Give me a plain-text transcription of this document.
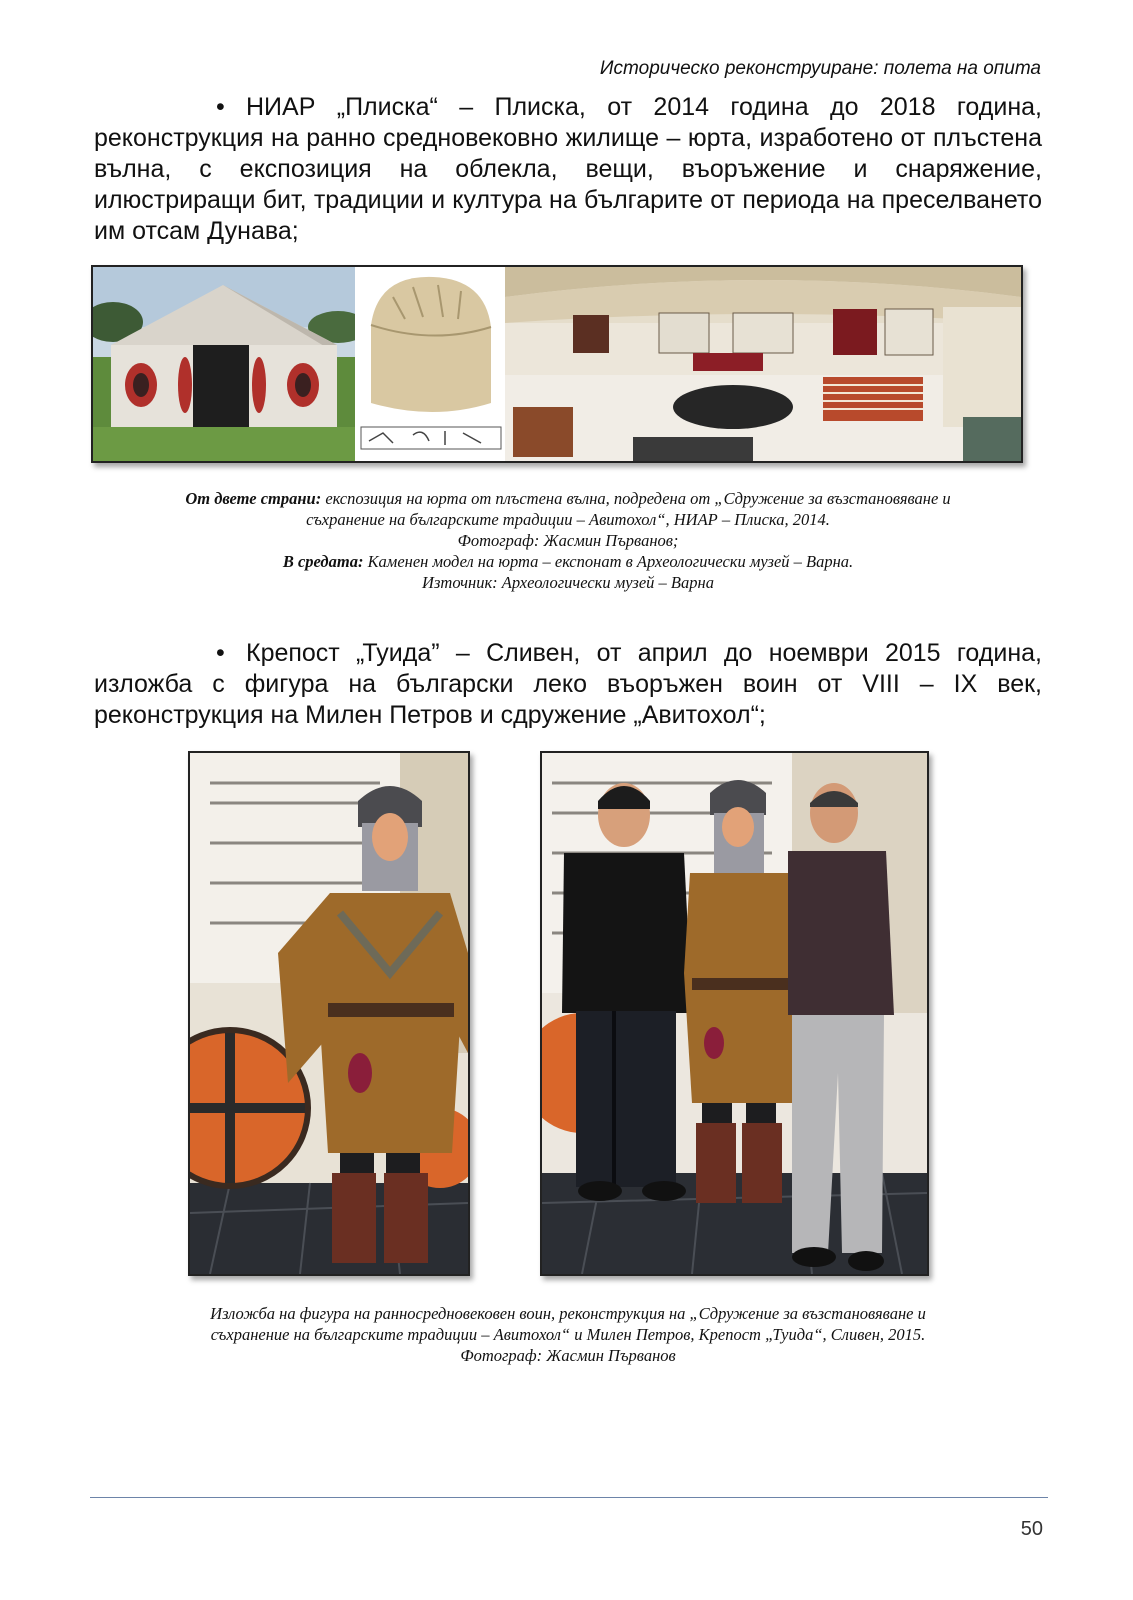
Историческо реконструиране: полета на опита
• НИАР „Плиска“ – Плиска, от 2014 година до 2018 година, реконструкция на ранно средновековно жилище – юрта, изработено от плъстена вълна, с експозиция на облекла, вещи, въоръжение и снаряжение, илюстриращи бит, традиции и култура на българите от периода на преселването им отсам Дунава;
От двете страни: експозиция на юрта от плъстена вълна, подредена от „Сдружение за възстановяване и
съхранение на българските традиции – Авитохол“, НИАР – Плиска, 2014.
Фотограф: Жасмин Първанов;
В средата: Каменен модел на юрта – експонат в Археологически музей – Варна.
Източник: Археологически музей – Варна
• Крепост „Туида” – Сливен, от април до ноември 2015 година, изложба с фигура на български леко въоръжен воин от VIII – IX век, реконструкция на Милен Петров и сдружение „Авитохол“;
Изложба на фигура на ранносредновековен воин, реконструкция на „Сдружение за възстановяване и
съхранение на българските традиции – Авитохол“ и Милен Петров, Крепост „Туида“, Сливен, 2015.
Фотограф: Жасмин Първанов
50
